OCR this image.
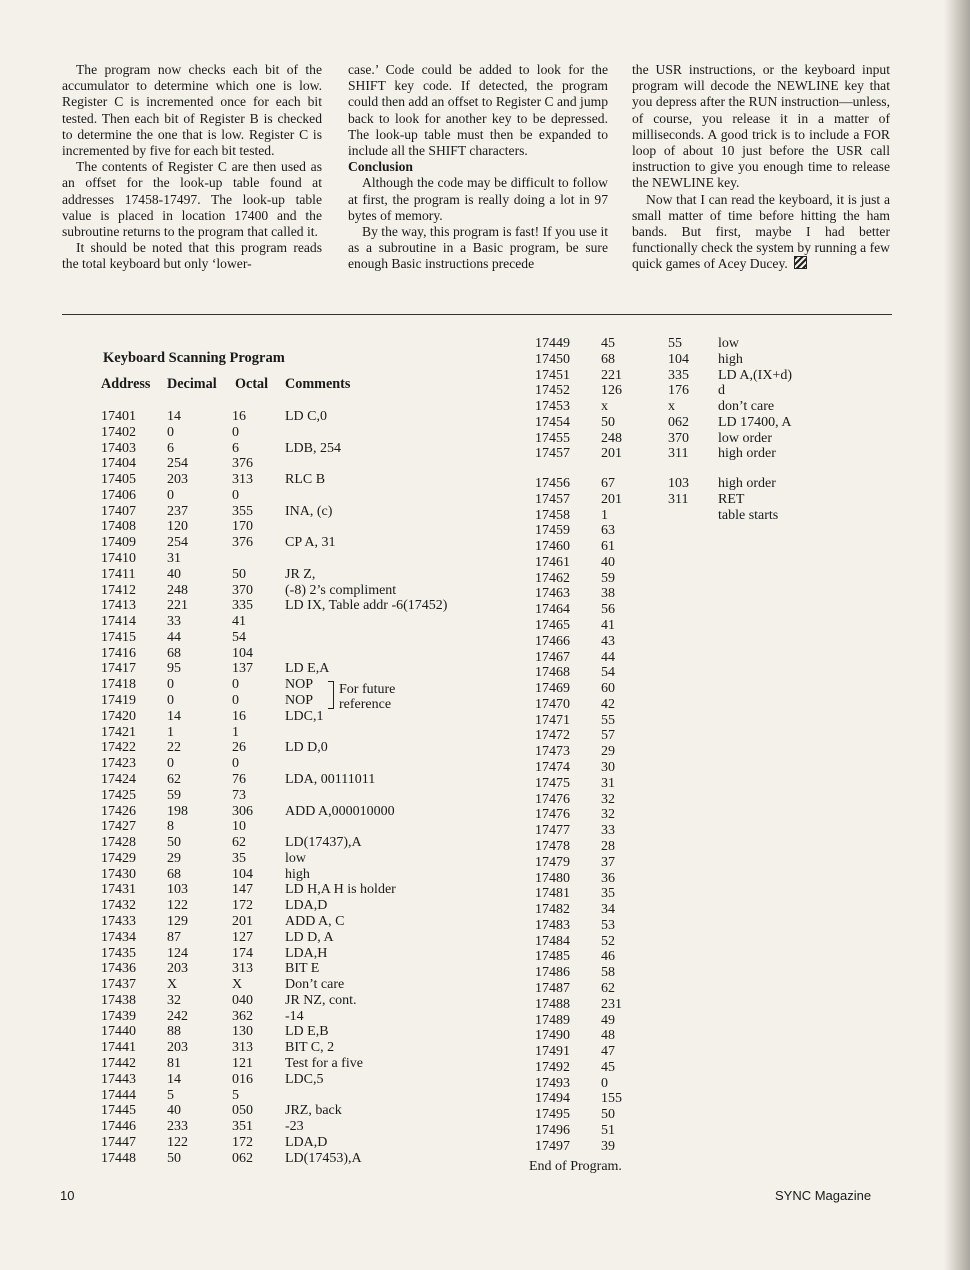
The program now checks each bit of the accumulator to determine which one is low. Register C is incremented once for each bit tested. Then each bit of Register B is checked to determine the one that is low. Register C is incremented by five for each bit tested.

The contents of Register C are then used as an offset for the look-up table found at addresses 17458-17497. The look-up table value is placed in location 17400 and the subroutine returns to the program that called it.

It should be noted that this program reads the total keyboard but only ‘lower-

case.’ Code could be added to look for the SHIFT key code. If detected, the program could then add an offset to Register C and jump back to look for another key to be depressed. The look-up table must then be expanded to include all the SHIFT characters.

Conclusion

Although the code may be difficult to follow at first, the program is really doing a lot in 97 bytes of memory.

By the way, this program is fast! If you use it as a subroutine in a Basic program, be sure enough Basic instructions precede

the USR instructions, or the keyboard input program will decode the NEWLINE key that you depress after the RUN instruction—unless, of course, you release it in a matter of milliseconds. A good trick is to include a FOR loop of about 10 just before the USR call instruction to give you enough time to release the NEWLINE key.

Now that I can read the keyboard, it is just a small matter of time before hitting the ham bands. But first, maybe I had better functionally check the system by running a few quick games of Acey Ducey.

Keyboard Scanning Program
Address Decimal Octal Comments
17401 14	16	LD C,0
17402 0	0
17403 6	6	LDB, 254
17404 254	376
17405 203	313 RLC B
17406 0	0
17407 237	355 INA, (c)
17408 120	170
17409 254	376 CP A, 31
17410 31
17411 40	50	JR Z,
17412 248	370 (-8) 2’s compliment
17413 221	335 LD IX, Table addr -6(17452)
17414 33	41
17415 44	54
17416 68	104
17417 95	137 LD E,A
17418 0	0	NOP
17419 0	0	NOP
17420 14	16	LDC,1
17421 1	1
17422 22	26	LD D,0
17423 0	0
17424 62	76	LDA, 00111011
17425 59	73
17426 198	306 ADD A,000010000
17427 8	10
17428 50	62	LD(17437),A
17429 29	35	low
17430 68	104 high
17431 103	147 LD H,A H is holder
17432 122	172 LDA,D
17433 129	201 ADD A, C
17434 87	127 LD D, A
17435 124	174 LDA,H
17436 203	313 BIT E
17437 X	X	Don’t care
17438 32	040 JR NZ, cont.
17439 242	362 -14
17440 88	130 LD E,B
17441 203	313 BIT C, 2
17442 81	121 Test for a five
17443 14	016 LDC,5
17444 5	5
17445 40	050 JRZ, back
17446 233	351 -23
17447 122	172 LDA,D
17448 50	062 LD(17453),A
17449 45	55	low
17450 68	104 high
17451 221	335 LD A,(IX+d)
17452 126	176 d
17453 x	x	don’t care
17454 50	062 LD 17400, A
17455 248	370 low order
17457 201	311 high order
17456 67	103 high order
17457 201	311 RET
17458 1	table starts
17459 63
17460 61
17461 40
17462 59
17463 38
17464 56
17465 41
17466 43
17467 44
17468 54
17469 60
17470 42
17471 55
17472 57
17473 29
17474 30
17475 31
17476 32
17476 32
17477 33
17478 28
17479 37
17480 36
17481 35
17482 34
17483 53
17484 52
17485 46
17486 58
17487 62
17488 231
17489 49
17490 48
17491 47
17492 45
17493 0
17494 155
17495 50
17496 51
17497 39
For future
reference
End of Program.
10	SYNC Magazine
